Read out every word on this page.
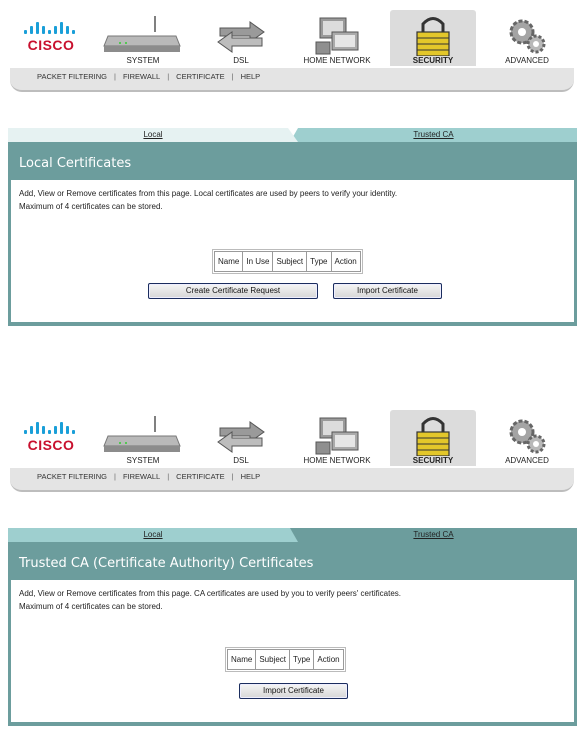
CISCO
SYSTEM	DSL	HOME NETWORK	SECURITY	ADVANCED
PACKET FILTERING | FIREWALL | CERTIFICATE | HELP
Trusted CA
Local
Local Certificates
Add, View or Remove certificates from this page. Local certificates are used by peers to verify your identity.
Maximum of 4 certificates can be stored.
Name	In Use	Subject	Type	Action
Create Certificate Request	Import Certificate
CISCO
SYSTEM	DSL	HOME NETWORK	SECURITY	ADVANCED
PACKET FILTERING | FIREWALL | CERTIFICATE | HELP
Local	Trusted CA
Trusted CA (Certificate Authority) Certificates
Add, View or Remove certificates from this page. CA certificates are used by you to verify peers' certificates.
Maximum of 4 certificates can be stored.
Name	Subject	Type	Action
Import Certificate
